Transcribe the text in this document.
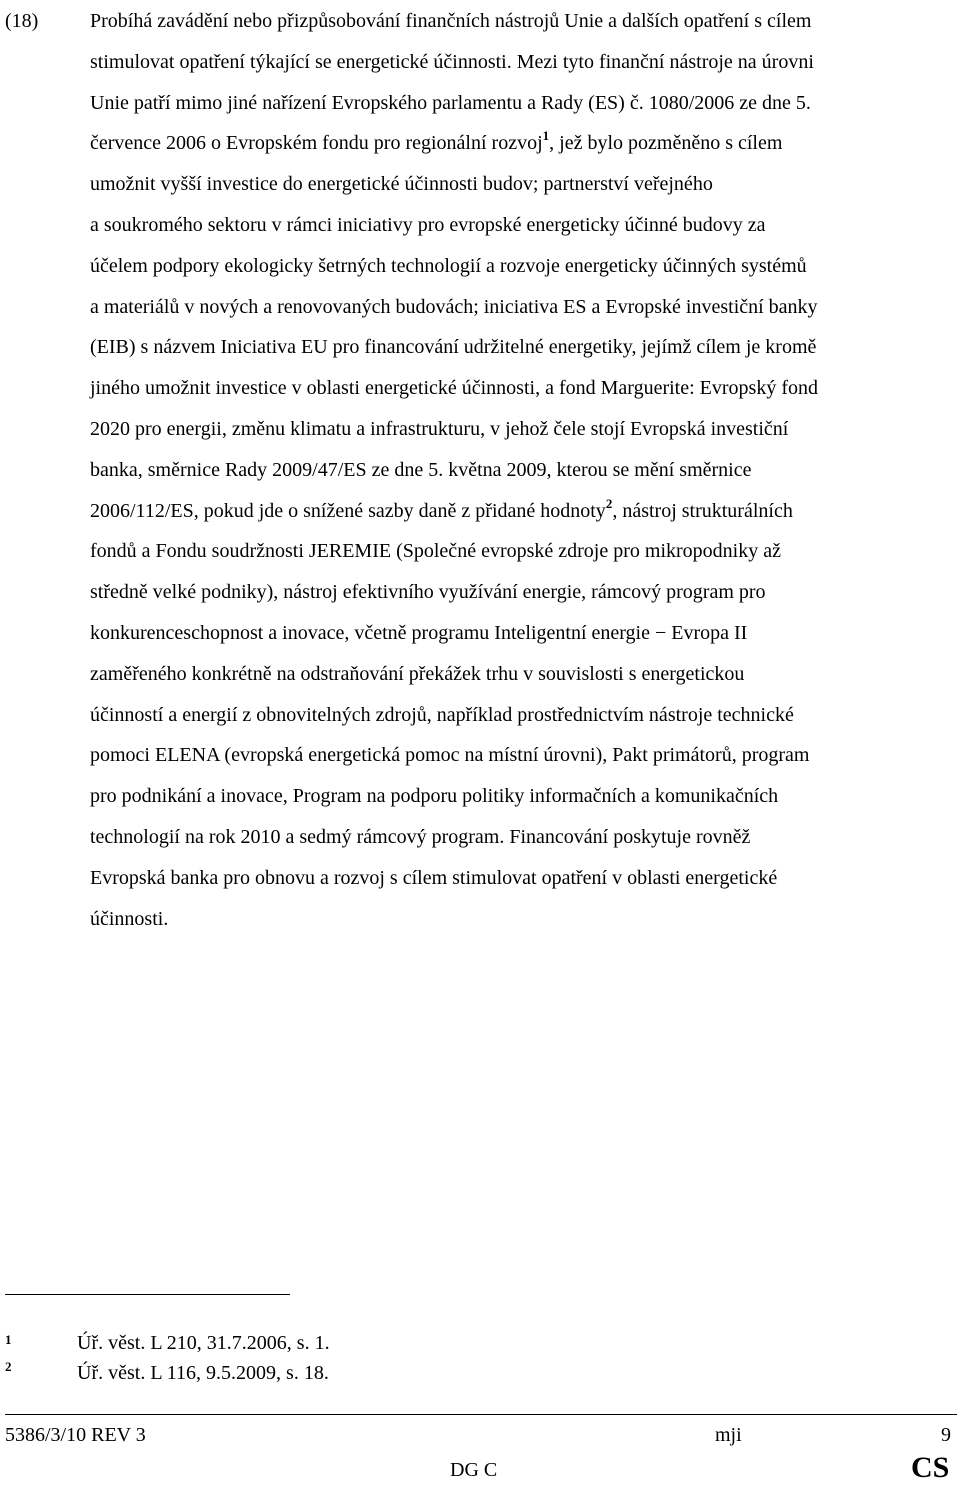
(18)	Probíhá zavádění nebo přizpůsobování finančních nástrojů Unie a dalších opatření s cílem
stimulovat opatření týkající se energetické účinnosti. Mezi tyto finanční nástroje na úrovni
Unie patří mimo jiné nařízení Evropského parlamentu a Rady (ES) č. 1080/2006 ze dne 5.
července 2006 o Evropském fondu pro regionální rozvoj$^1$, jež bylo pozměněno s cílem
umožnit vyšší investice do energetické účinnosti budov; partnerství veřejného
a soukromého sektoru v rámci iniciativy pro evropské energeticky účinné budovy za
účelem podpory ekologicky šetrných technologií a rozvoje energeticky účinných systémů
a materiálů v nových a renovovaných budovách; iniciativa ES a Evropské investiční banky
(EIB) s názvem Iniciativa EU pro financování udržitelné energetiky, jejímž cílem je kromě
jiného umožnit investice v oblasti energetické účinnosti, a fond Marguerite: Evropský fond
2020 pro energii, změnu klimatu a infrastrukturu, v jehož čele stojí Evropská investiční
banka, směrnice Rady 2009/47/ES ze dne 5. května 2009, kterou se mění směrnice
2006/112/ES, pokud jde o snížené sazby daně z přidané hodnoty$^2$, nástroj strukturálních
fondů a Fondu soudržnosti JEREMIE (Společné evropské zdroje pro mikropodniky až
středně velké podniky), nástroj efektivního využívání energie, rámcový program pro
konkurenceschopnost a inovace, včetně programu Inteligentní energie − Evropa II
zaměřeného konkrétně na odstraňování překážek trhu v souvislosti s energetickou
účinností a energií z obnovitelných zdrojů, například prostřednictvím nástroje technické
pomoci ELENA (evropská energetická pomoc na místní úrovni), Pakt primátorů, program
pro podnikání a inovace, Program na podporu politiky informačních a komunikačních
technologií na rok 2010 a sedmý rámcový program. Financování poskytuje rovněž
Evropská banka pro obnovu a rozvoj s cílem stimulovat opatření v oblasti energetické
účinnosti.
1	Úř. věst. L 210, 31.7.2006, s. 1.
2	Úř. věst. L 116, 9.5.2009, s. 18.
5386/3/10 REV 3	mji	9
DG C	CS
